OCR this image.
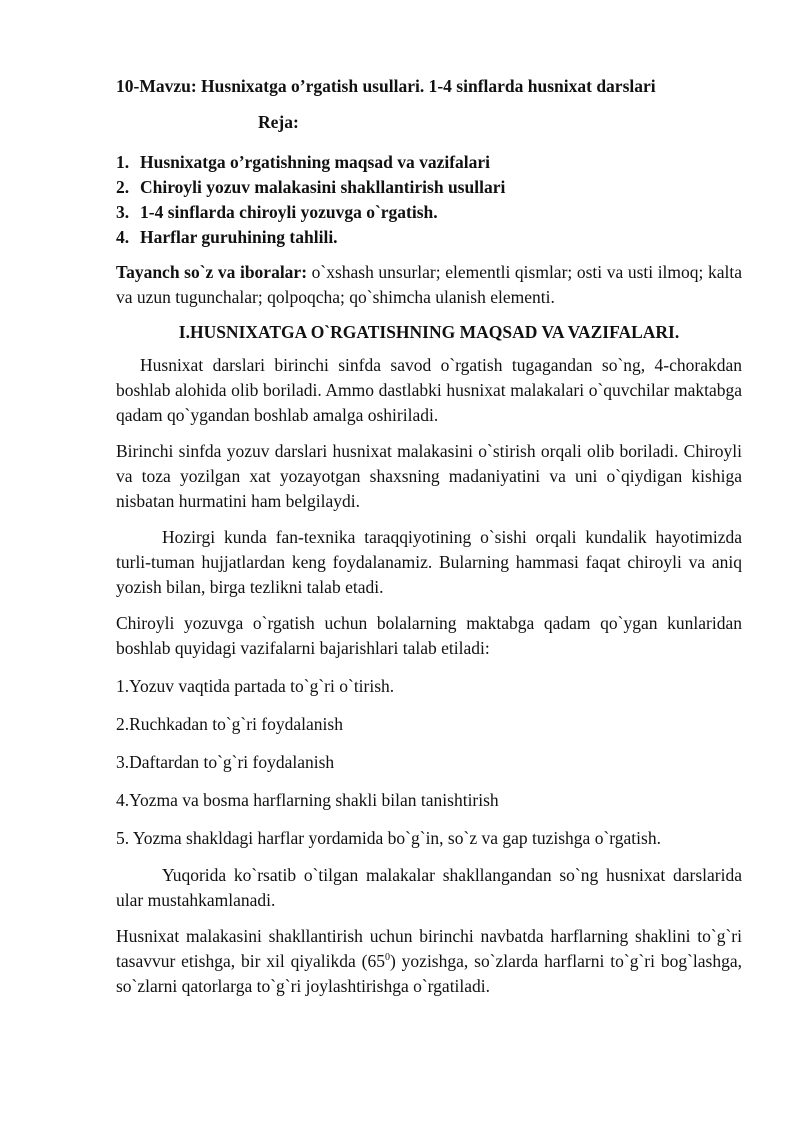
10-Mavzu: Husnixatga o’rgatish usullari. 1-4 sinflarda husnixat darslari
Reja:
1. Husnixatga o’rgatishning maqsad va vazifalari
2. Chiroyli yozuv malakasini shakllantirish usullari
3. 1-4 sinflarda chiroyli yozuvga o`rgatish.
4. Harflar guruhining tahlili.

Tayanch so`z va iboralar: o`xshash unsurlar; elementli qismlar; osti va usti ilmoq; kalta va uzun tugunchalar; qolpoqcha; qo`shimcha ulanish elementi.

I.HUSNIXATGA O`RGATISHNING MAQSAD VA VAZIFALARI.

Husnixat darslari birinchi sinfda savod o`rgatish tugagandan so`ng, 4-chorakdan boshlab alohida olib boriladi. Ammo dastlabki husnixat malakalari o`quvchilar maktabga qadam qo`ygandan boshlab amalga oshiriladi.

Birinchi sinfda yozuv darslari husnixat malakasini o`stirish orqali olib boriladi. Chiroyli va toza yozilgan xat yozayotgan shaxsning madaniyatini va uni o`qiydigan kishiga nisbatan hurmatini ham belgilaydi.

Hozirgi kunda fan-texnika taraqqiyotining o`sishi orqali kundalik hayotimizda turli-tuman hujjatlardan keng foydalanamiz. Bularning hammasi faqat chiroyli va aniq yozish bilan, birga tezlikni talab etadi.

Chiroyli yozuvga o`rgatish uchun bolalarning maktabga qadam qo`ygan kunlaridan boshlab quyidagi vazifalarni bajarishlari talab etiladi:

1.Yozuv vaqtida partada to`g`ri o`tirish.

2.Ruchkadan to`g`ri foydalanish

3.Daftardan to`g`ri foydalanish

4.Yozma va bosma harflarning shakli bilan tanishtirish

5. Yozma shakldagi harflar yordamida bo`g`in, so`z va gap tuzishga o`rgatish.

Yuqorida ko`rsatib o`tilgan malakalar shakllangandan so`ng husnixat darslarida ular mustahkamlanadi.

Husnixat malakasini shakllantirish uchun birinchi navbatda harflarning shaklini to`g`ri tasavvur etishga, bir xil qiyalikda $(65^0)$ yozishga, so`zlarda harflarni to`g`ri bog`lashga, so`zlarni qatorlarga to`g`ri joylashtirishga o`rgatiladi.
